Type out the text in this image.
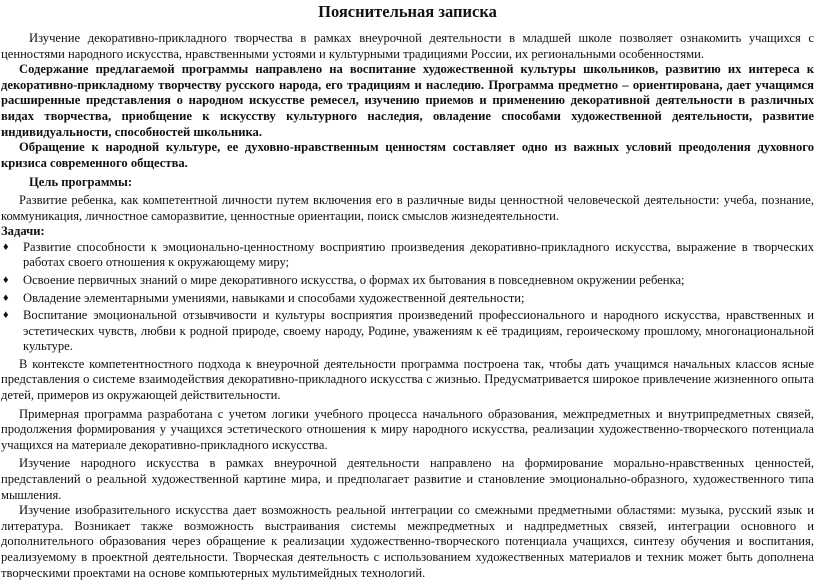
Пояснительная записка

Изучение декоративно-прикладного творчества в рамках внеурочной деятельности в младшей школе позволяет ознакомить учащихся с ценностями народного искусства, нравственными устоями и культурными традициями России, их региональными особенностями.

Содержание предлагаемой программы направлено на воспитание художественной культуры школьников, развитию их интереса к декоративно-прикладному творчеству русского народа, его традициям и наследию. Программа предметно – ориентирована, дает учащимся расширенные представления о народном искусстве ремесел, изучению приемов и применению декоративной деятельности в различных видах творчества, приобщение к искусству культурного наследия, овладение способами художественной деятельности, развитие индивидуальности, способностей школьника.

Обращение к народной культуре, ее духовно-нравственным ценностям составляет одно из важных условий преодоления духовного кризиса современного общества.

Цель программы:

Развитие ребенка, как компетентной личности путем включения его в различные виды ценностной человеческой деятельности: учеба, познание, коммуникация, личностное саморазвитие, ценностные ориентации, поиск смыслов жизнедеятельности.

Задачи:
♦ Развитие способности к эмоционально-ценностному восприятию произведения декоративно-прикладного искусства, выражение в творческих работах своего отношения к окружающему миру;
♦ Освоение первичных знаний о мире декоративного искусства, о формах их бытования в повседневном окружении ребенка;
♦ Овладение элементарными умениями, навыками и способами художественной деятельности;
♦ Воспитание эмоциональной отзывчивости и культуры восприятия произведений профессионального и народного искусства, нравственных и эстетических чувств, любви к родной природе, своему народу, Родине, уважениям к её традициям, героическому прошлому, многонациональной культуре.

В контексте компетентностного подхода к внеурочной деятельности программа построена так, чтобы дать учащимся начальных классов ясные представления о системе взаимодействия декоративно-прикладного искусства с жизнью. Предусматривается широкое привлечение жизненного опыта детей, примеров из окружающей действительности.

Примерная программа разработана с учетом логики учебного процесса начального образования, межпредметных и внутрипредметных связей, продолжения формирования у учащихся эстетического отношения к миру народного искусства, реализации художественно-творческого потенциала учащихся на материале декоративно-прикладного искусства.

Изучение народного искусства в рамках внеурочной деятельности направлено на формирование морально-нравственных ценностей, представлений о реальной художественной картине мира, и предполагает развитие и становление эмоционально-образного, художественного типа мышления.

Изучение изобразительного искусства дает возможность реальной интеграции со смежными предметными областями: музыка, русский язык и литература. Возникает также возможность выстраивания системы межпредметных и надпредметных связей, интеграции основного и дополнительного образования через обращение к реализации художественно-творческого потенциала учащихся, синтезу обучения и воспитания, реализуемому в проектной деятельности. Творческая деятельность с использованием художественных материалов и техник может быть дополнена творческими проектами на основе компьютерных мультимейдных технологий.
